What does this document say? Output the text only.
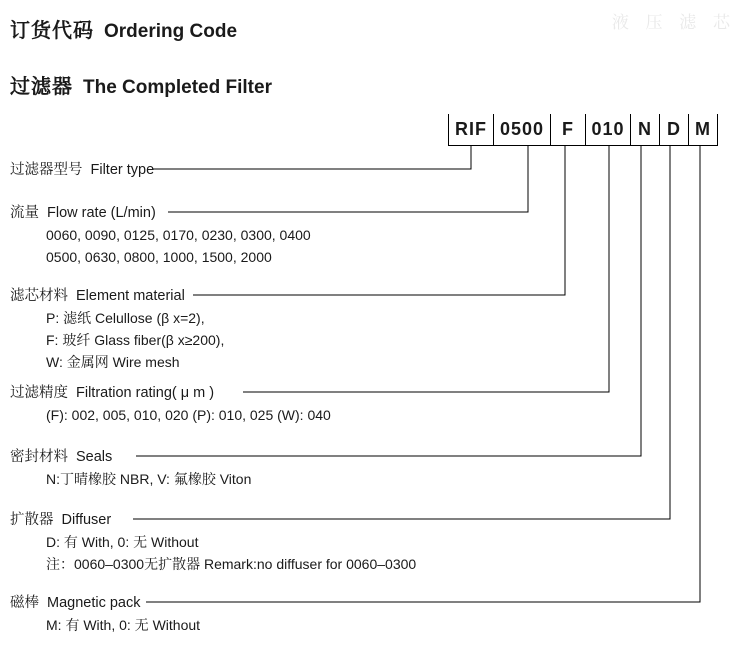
液 压 滤 芯
订货代码 Ordering Code
过滤器 The Completed Filter
RIF 0500 F 010 N D M
过滤器型号 Filter type
流量 Flow rate (L/min)
0060, 0090, 0125, 0170, 0230, 0300, 0400
0500, 0630, 0800, 1000, 1500, 2000
滤芯材料 Element material
P: 滤纸 Celullose (β x=2),
F: 玻纤 Glass fiber(β x≥200),
W: 金属网 Wire mesh
过滤精度 Filtration rating( μ m )
(F): 002, 005, 010, 020 (P): 010, 025 (W): 040
密封材料 Seals
N:丁晴橡胶 NBR, V: 氟橡胶 Viton
扩散器 Diffuser
D: 有 With, 0: 无 Without
注：0060–0300无扩散器 Remark:no diffuser for 0060–0300
磁棒 Magnetic pack
M: 有 With, 0: 无 Without
